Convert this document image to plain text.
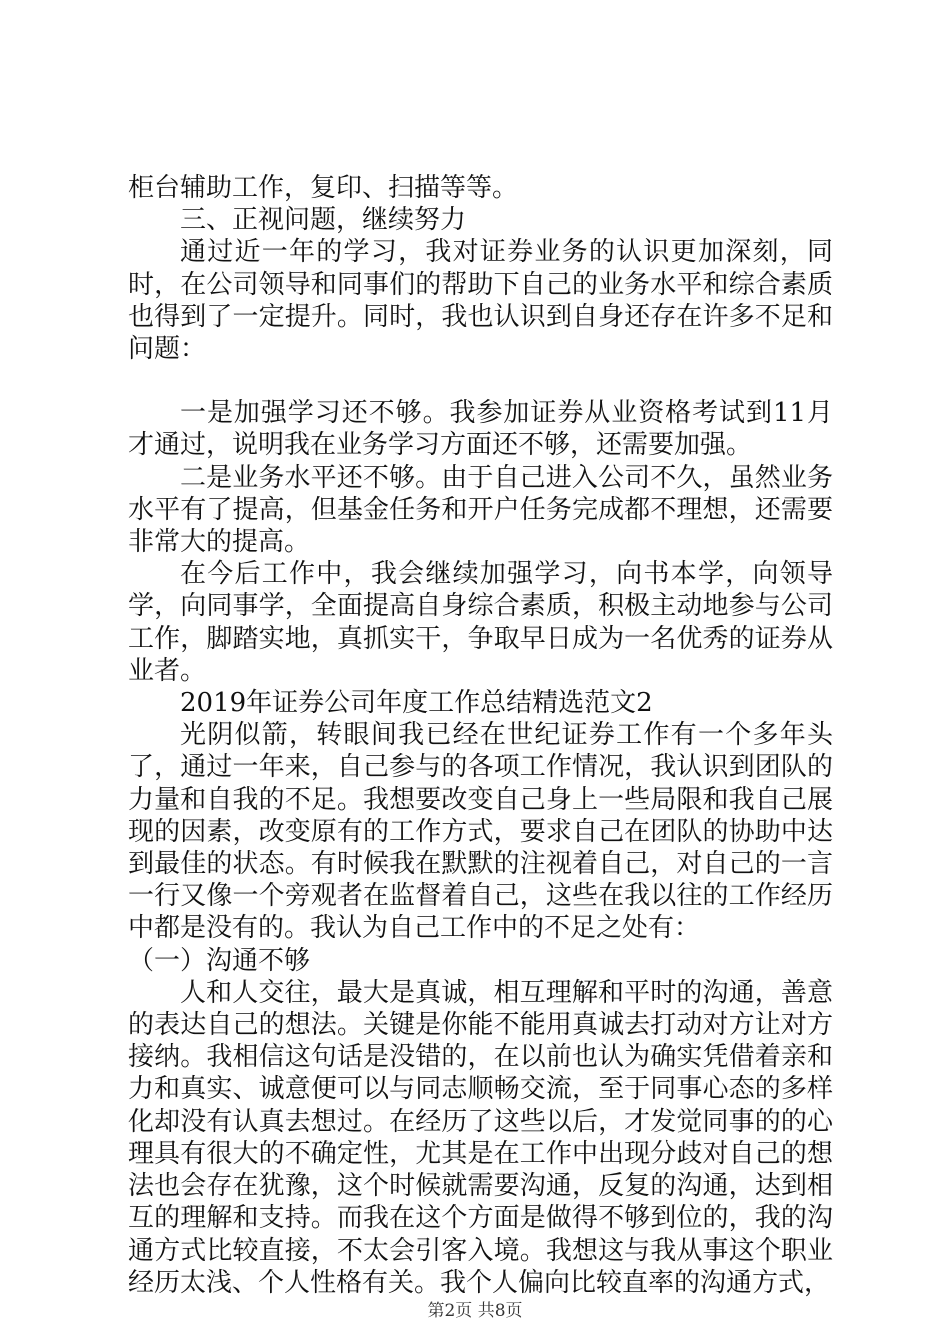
柜台辅助工作，复印、扫描等等。

三、正视问题，继续努力

通过近一年的学习，我对证券业务的认识更加深刻，同时，在公司领导和同事们的帮助下自己的业务水平和综合素质也得到了一定提升。同时，我也认识到自身还存在许多不足和问题：

一是加强学习还不够。我参加证券从业资格考试到11月才通过，说明我在业务学习方面还不够，还需要加强。

二是业务水平还不够。由于自己进入公司不久，虽然业务水平有了提高，但基金任务和开户任务完成都不理想，还需要非常大的提高。

在今后工作中，我会继续加强学习，向书本学，向领导学，向同事学，全面提高自身综合素质，积极主动地参与公司工作，脚踏实地，真抓实干，争取早日成为一名优秀的证券从业者。

2019年证券公司年度工作总结精选范文2

光阴似箭，转眼间我已经在世纪证券工作有一个多年头了，通过一年来，自己参与的各项工作情况，我认识到团队的力量和自我的不足。我想要改变自己身上一些局限和我自己展现的因素，改变原有的工作方式，要求自己在团队的协助中达到最佳的状态。有时候我在默默的注视着自己，对自己的一言一行又像一个旁观者在监督着自己，这些在我以往的工作经历中都是没有的。我认为自己工作中的不足之处有：

（一）沟通不够

人和人交往，最大是真诚，相互理解和平时的沟通，善意的表达自己的想法。关键是你能不能用真诚去打动对方让对方接纳。我相信这句话是没错的，在以前也认为确实凭借着亲和力和真实、诚意便可以与同志顺畅交流，至于同事心态的多样化却没有认真去想过。在经历了这些以后，才发觉同事的的心理具有很大的不确定性，尤其是在工作中出现分歧对自己的想法也会存在犹豫，这个时候就需要沟通，反复的沟通，达到相互的理解和支持。而我在这个方面是做得不够到位的，我的沟通方式比较直接，不太会引客入境。我想这与我从事这个职业经历太浅、个人性格有关。我个人偏向比较直率的沟通方式，

第2页 共8页
